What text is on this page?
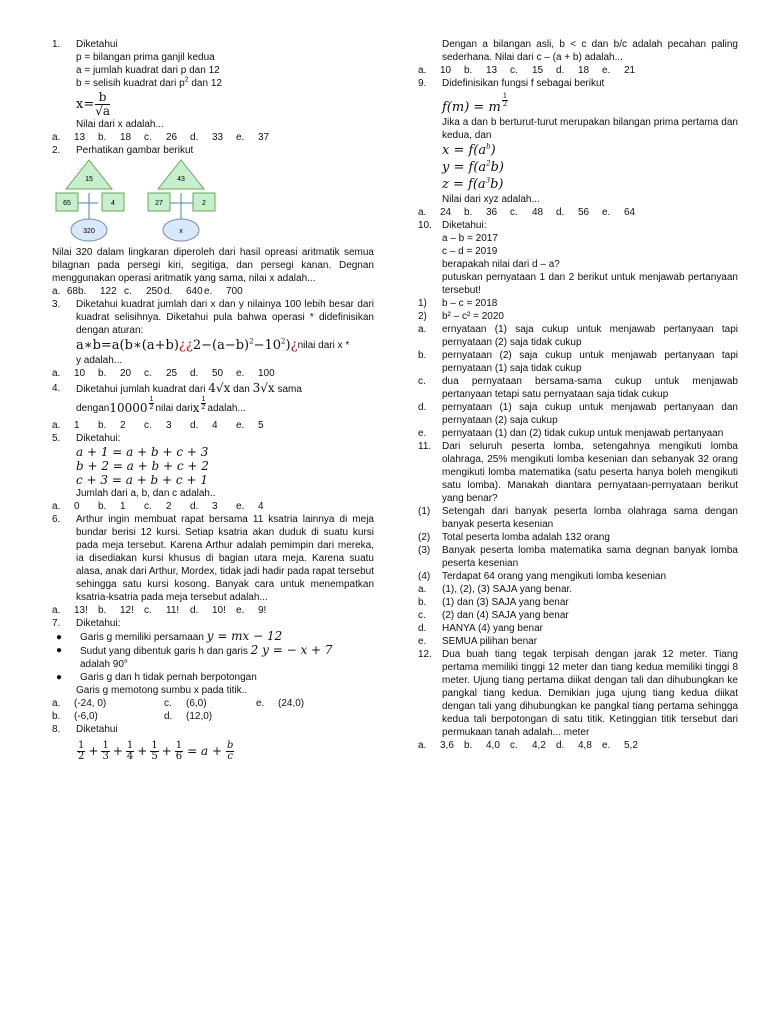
1.	Diketahui
p = bilangan prima ganjil kedua
a = jumlah kuadrat dari p dan 12
b = selisih kuadrat dari $p^2$ dan 12
$x= \frac{b}{√a}$
Nilai dari x adalah...
a.	13 b.	18 c.	26 d.	33 e.	37
2.	Perhatikan gambar berikut
15
65	4
320
43
27	2
x
Nilai 320 dalam lingkaran diperoleh dari hasil opreasi aritmatik semua bilagnan pada persegi kiri, segitiga, dan persegi kanan. Degnan menggunakan operasi aritmatik yang sama, nilai x adalah...
a. 68 b.	122 c.	250 d.	640 e.	700
3.	Diketahui kuadrat jumlah dari x dan y nilainya 100 lebih besar dari kuadrat selisihnya. Diketahui pula bahwa operasi * didefinisikan dengan aturan:
$a∗b=a(b∗(a+b)¿¿2-(a-b)^2-10^2)¿$ nilai dari x *
y adalah...
a.	10 b.	20 c.	25 d.	50 e.	100
4.	Diketahui jumlah kuadrat dari 4√x dan 3√x sama
dengan $10000 \frac{1}{2}$ nilai dari x $\frac{1}{2}$ adalah...
a.	1 b.	2 c.	3 d.	4 e.	5
5.	Diketahui:
a + 1 = a + b + c + 3
b + 2 = a + b + c + 2
c + 3 = a + b + c + 1
Jumlah dari a, b, dan c adalah..
a.	0 b.	1 c.	2 d.	3 e.	4
6.	Arthur ingin membuat rapat bersama 11 ksatria lainnya di meja bundar berisi 12 kursi. Setiap ksatria akan duduk di suatu kursi pada meja tersebut. Karena Arthur adalah pemimpin dari mereka, ia disediakan kursi khusus di bagian utara meja. Karena suatu alasa, anak dari Arthur, Mordex, tidak jadi hadir pada rapat tersebut sehingga satu kursi kosong. Banyak cara untuk menempatkan ksatria-ksatria pada meja tersebut adalah...
a.	13! b.	12! c.	11! d.	10! e.	9!
7.	Diketahui:
●	Garis g memiliki persamaan y = mx − 12
●	Sudut yang dibentuk garis h dan garis 2 y = − x + 7
adalah 90°
●	Garis g dan h tidak pernah berpotongan
Garis g memotong sumbu x pada titik..
a.	(-24, 0)	c.	(6,0)	e.	(24,0)
b.	(-6,0)	d.	(12,0)
8.	Diketahui
$\frac{1}{2} + \frac{1}{3} + \frac{1}{4} + \frac{1}{5} + \frac{1}{6} = a + \frac{b}{c}$
Dengan a bilangan asli, b < c dan b/c adalah pecahan paling sederhana. Nilai dari c – (a + b) adalah...
a.	10 b.	13 c.	15 d.	18 e.	21
9.	Didefinisikan fungsi f sebagai berikut
f(m) = m $\frac{1}{2}$
Jika a dan b berturut-turut merupakan bilangan prima pertama dan kedua, dan
$x = f(a^b)$
$y = f(a^2b)$
$z = f(a^3b)$
Nilai dari xyz adalah...
a.	24 b.	36 c.	48 d.	56 e.	64
10.	Diketahui:
a – b = 2017
c – d = 2019
berapakah nilai dari d – a?
putuskan pernyataan 1 dan 2 berikut untuk menjawab pertanyaan tersebut!
1)	b – c = 2018
2)	b² – c² = 2020
a.	ernyataan (1) saja cukup untuk menjawab pertanyaan tapi pernyataan (2) saja tidak cukup
b.	pernyataan (2) saja cukup untuk menjawab pertanyaan tapi pernyataan (1) saja tidak cukup
c.	dua pernyataan bersama-sama cukup untuk menjawab pertanyaan tetapi satu pernyataan saja tidak cukup
d.	pernyataan (1) saja cukup untuk menjawab pertanyaan dan pernyataan (2) saja cukup
e.	pernyataan (1) dan (2) tidak cukup untuk menjawab pertanyaan
11.	Dari seluruh peserta lomba, setengahnya mengikuti lomba olahraga, 25% mengikuti lomba kesenian dan sebanyak 32 orang mengikuti lomba matematika (satu peserta hanya boleh mengikuti satu lomba). Manakah diantara pernyataan-pernyataan berikut yang benar?
(1)	Setengah dari banyak peserta lomba olahraga sama dengan banyak peserta kesenian
(2)	Total peserta lomba adalah 132 orang
(3)	Banyak peserta lomba matematika sama degnan banyak lomba peserta kesenian
(4)	Terdapat 64 orang yang mengikuti lomba kesenian
a.	(1), (2), (3) SAJA yang benar.
b.	(1) dan (3) SAJA yang benar
c.	(2) dan (4) SAJA yang benar
d.	HANYA (4) yang benar
e.	SEMUA pilihan benar
12.	Dua buah tiang tegak terpisah dengan jarak 12 meter. Tiang pertama memiliki tinggi 12 meter dan tiang kedua memiliki tinggi 8 meter. Ujung tiang pertama diikat dengan tali dan dihubungkan ke pangkal tiang kedua. Demikian juga ujung tiang kedua diikat dengan tali yang dihubungkan ke pangkal tiang pertama sehingga kedua tali berpotongan di satu titik. Ketinggian titik tersebut dari permukaan tanah adalah... meter
a.	3,6 b.	4,0 c.	4,2 d.	4,8 e.	5,2
